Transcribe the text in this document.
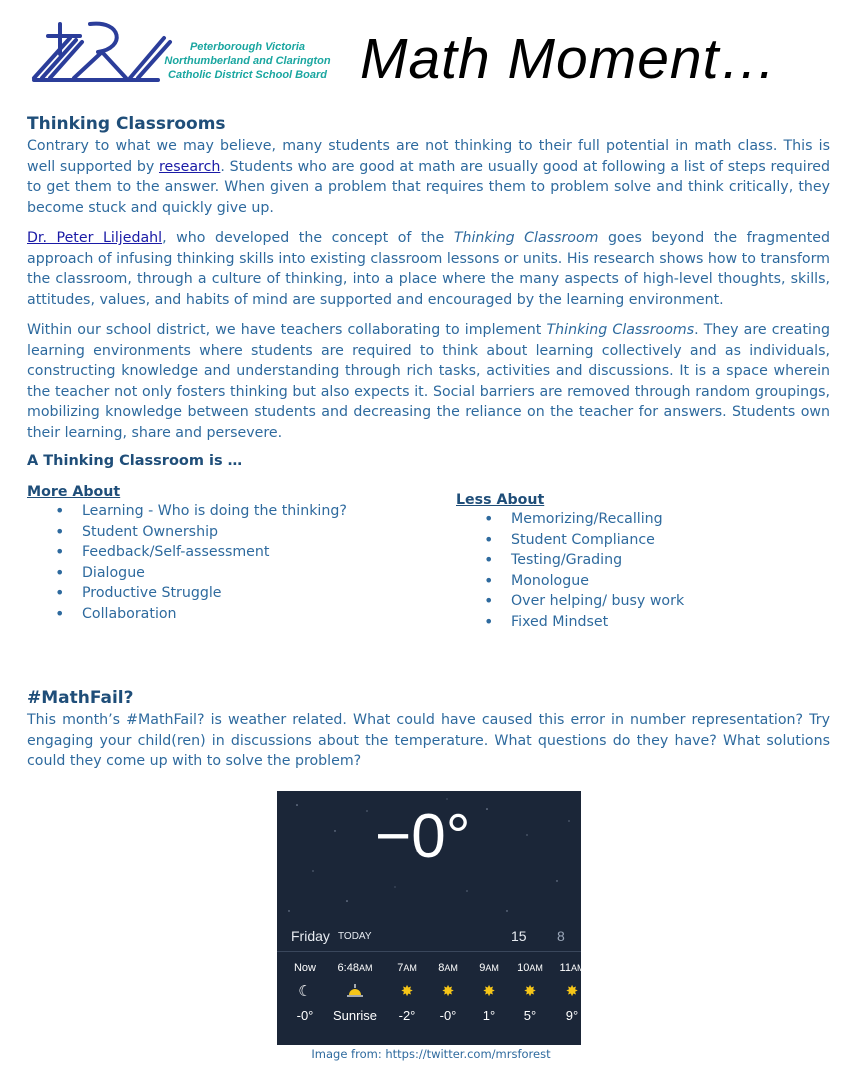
Peterborough Victoria
Northumberland and Clarington
Catholic District School Board Math Moment…
Thinking Classrooms

Contrary to what we may believe, many students are not thinking to their full potential in math class. This is well supported by research. Students who are good at math are usually good at following a list of steps required to get them to the answer. When given a problem that requires them to problem solve and think critically, they become stuck and quickly give up.

Dr. Peter Liljedahl, who developed the concept of the Thinking Classroom goes beyond the fragmented approach of infusing thinking skills into existing classroom lessons or units. His research shows how to transform the classroom, through a culture of thinking, into a place where the many aspects of high-level thoughts, skills, attitudes, values, and habits of mind are supported and encouraged by the learning environment.

Within our school district, we have teachers collaborating to implement Thinking Classrooms. They are creating learning environments where students are required to think about learning collectively and as individuals, constructing knowledge and understanding through rich tasks, activities and discussions. It is a space wherein the teacher not only fosters thinking but also expects it. Social barriers are removed through random groupings, mobilizing knowledge between students and decreasing the reliance on the teacher for answers. Students own their learning, share and persevere.

A Thinking Classroom is …
More About
• Learning - Who is doing the thinking?
• Student Ownership
• Feedback/Self-assessment
• Dialogue
• Productive Struggle
• Collaboration
Less About
• Memorizing/Recalling
• Student Compliance
• Testing/Grading
• Monologue
• Over helping/ busy work
• Fixed Mindset
#MathFail?

This month’s #MathFail? is weather related. What could have caused this error in number representation? Try engaging your child(ren) in discussions about the temperature. What questions do they have? What solutions could they come up with to solve the problem?

−0°
Friday TODAY	15 8
Now
☾
-0°
6:48AM
Sunrise
7AM
✸
-2°
8AM
✸
-0°
9AM
✸
1°
10AM
✸
5°
11AM
✸
9°
Image from: https://twitter.com/mrsforest
